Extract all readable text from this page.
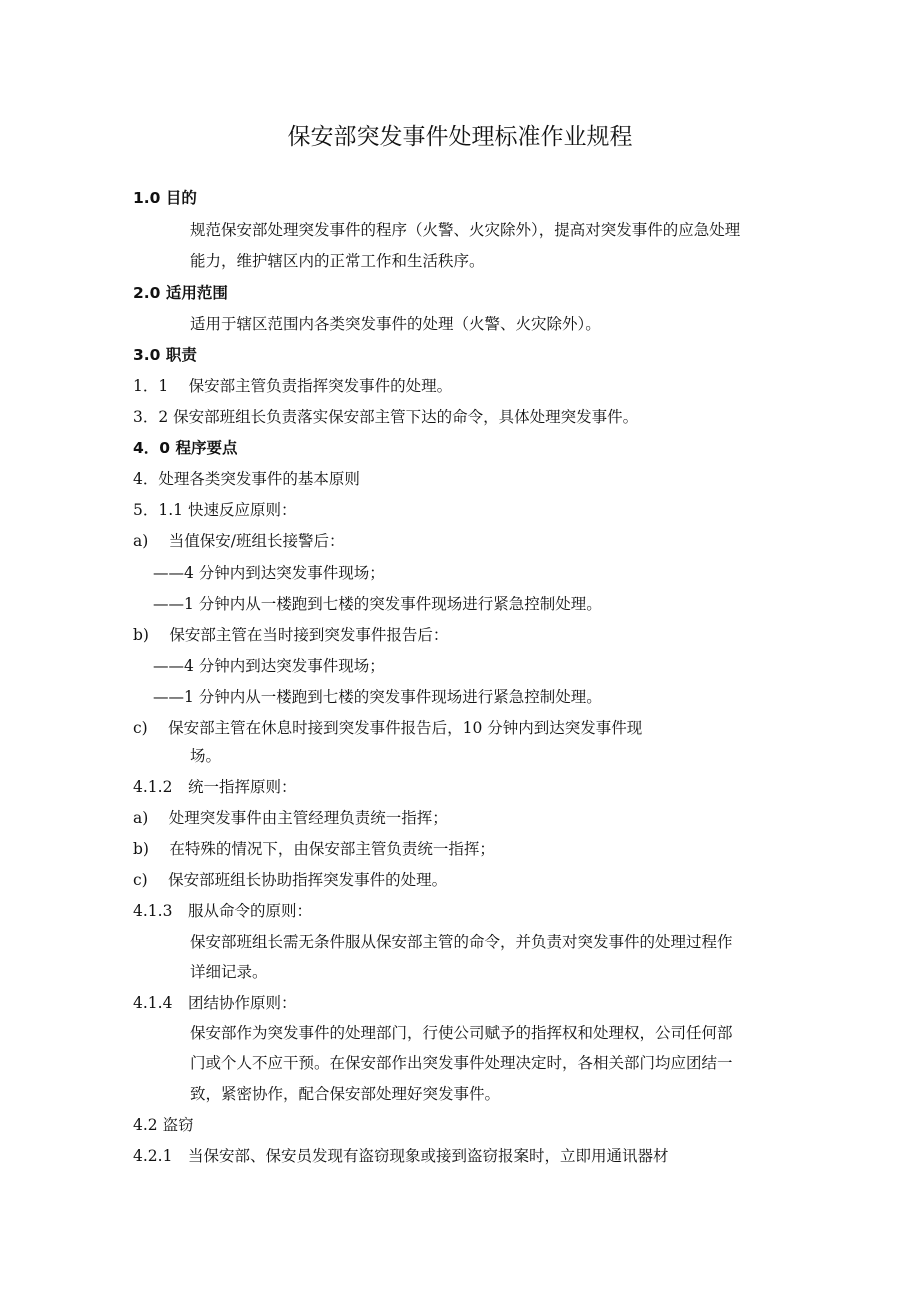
保安部突发事件处理标准作业规程
1.0 目的
规范保安部处理突发事件的程序（火警、火灾除外），提高对突发事件的应急处理
能力，维护辖区内的正常工作和生活秩序。
2.0 适用范围
适用于辖区范围内各类突发事件的处理（火警、火灾除外）。
3.0 职责
1．1　 保安部主管负责指挥突发事件的处理。
3．2 保安部班组长负责落实保安部主管下达的命令，具体处理突发事件。
4．0 程序要点
4．处理各类突发事件的基本原则
5．1.1 快速反应原则：
a)　 当值保安/班组长接警后：
——4 分钟内到达突发事件现场；
——1 分钟内从一楼跑到七楼的突发事件现场进行紧急控制处理。
b)　 保安部主管在当时接到突发事件报告后：
——4 分钟内到达突发事件现场；
——1 分钟内从一楼跑到七楼的突发事件现场进行紧急控制处理。
c)　 保安部主管在休息时接到突发事件报告后，10 分钟内到达突发事件现
场。
4.1.2　统一指挥原则：
a)　 处理突发事件由主管经理负责统一指挥；
b)　 在特殊的情况下，由保安部主管负责统一指挥；
c)　 保安部班组长协助指挥突发事件的处理。
4.1.3　服从命令的原则：
保安部班组长需无条件服从保安部主管的命令，并负责对突发事件的处理过程作
详细记录。
4.1.4　团结协作原则：
保安部作为突发事件的处理部门，行使公司赋予的指挥权和处理权，公司任何部
门或个人不应干预。在保安部作出突发事件处理决定时，各相关部门均应团结一
致，紧密协作，配合保安部处理好突发事件。
4.2 盗窃
4.2.1　当保安部、保安员发现有盗窃现象或接到盗窃报案时，立即用通讯器材
